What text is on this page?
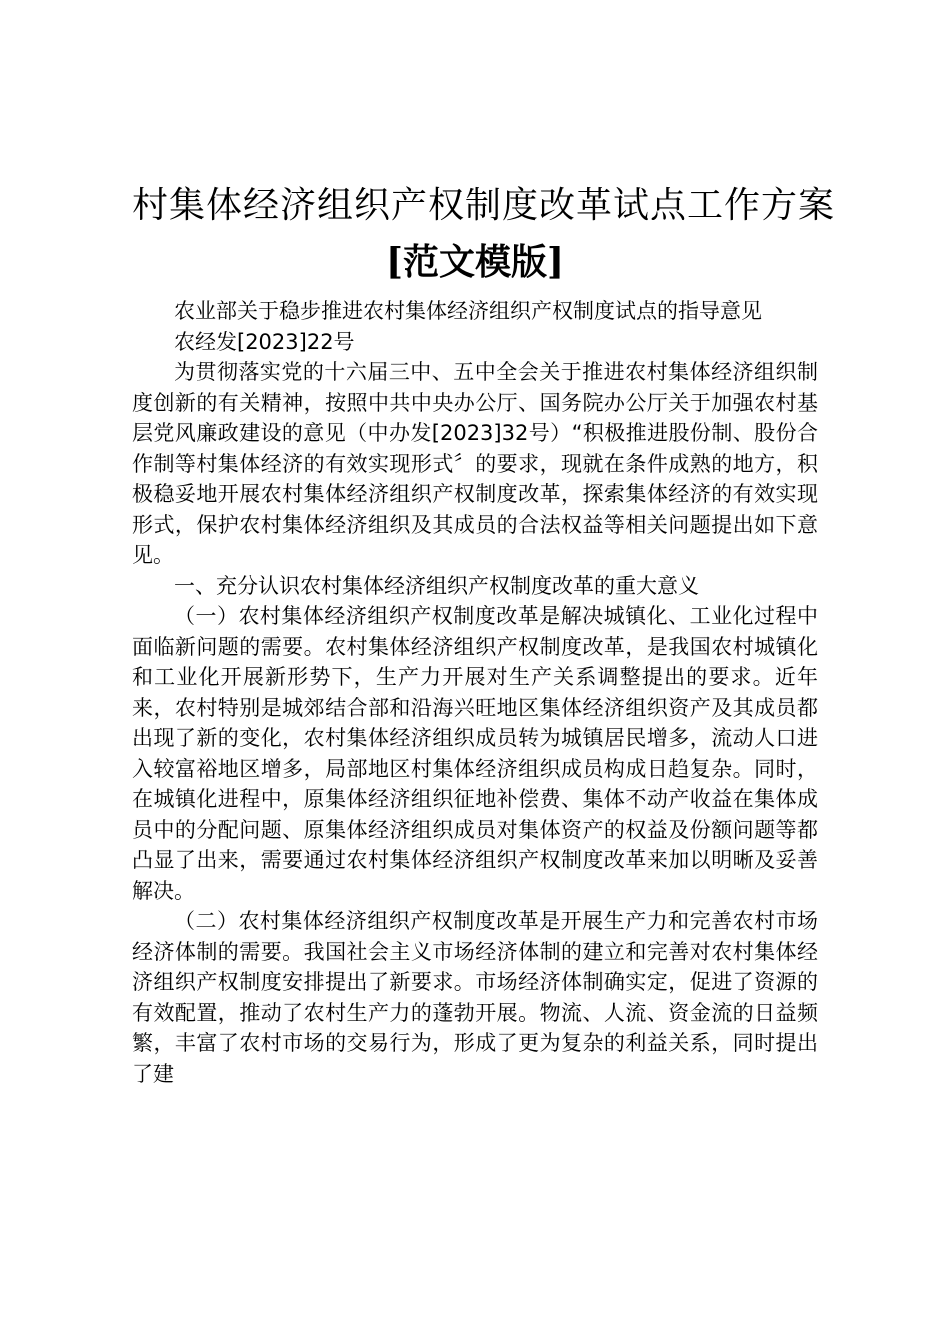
村集体经济组织产权制度改革试点工作方案
[范文模版]

农业部关于稳步推进农村集体经济组织产权制度试点的指导意见

农经发[2023]22号

为贯彻落实党的十六届三中、五中全会关于推进农村集体经济组织制度创新的有关精神，按照中共中央办公厅、国务院办公厅关于加强农村基层党风廉政建设的意见（中办发[2023]32号）“积极推进股份制、股份合作制等村集体经济的有效实现形式〞的要求，现就在条件成熟的地方，积极稳妥地开展农村集体经济组织产权制度改革，探索集体经济的有效实现形式，保护农村集体经济组织及其成员的合法权益等相关问题提出如下意见。

一、充分认识农村集体经济组织产权制度改革的重大意义

（一）农村集体经济组织产权制度改革是解决城镇化、工业化过程中面临新问题的需要。农村集体经济组织产权制度改革，是我国农村城镇化和工业化开展新形势下，生产力开展对生产关系调整提出的要求。近年来，农村特别是城郊结合部和沿海兴旺地区集体经济组织资产及其成员都出现了新的变化，农村集体经济组织成员转为城镇居民增多，流动人口进入较富裕地区增多，局部地区村集体经济组织成员构成日趋复杂。同时，在城镇化进程中，原集体经济组织征地补偿费、集体不动产收益在集体成员中的分配问题、原集体经济组织成员对集体资产的权益及份额问题等都凸显了出来，需要通过农村集体经济组织产权制度改革来加以明晰及妥善解决。

（二）农村集体经济组织产权制度改革是开展生产力和完善农村市场经济体制的需要。我国社会主义市场经济体制的建立和完善对农村集体经济组织产权制度安排提出了新要求。市场经济体制确实定，促进了资源的有效配置，推动了农村生产力的蓬勃开展。物流、人流、资金流的日益频繁，丰富了农村市场的交易行为，形成了更为复杂的利益关系，同时提出了建
